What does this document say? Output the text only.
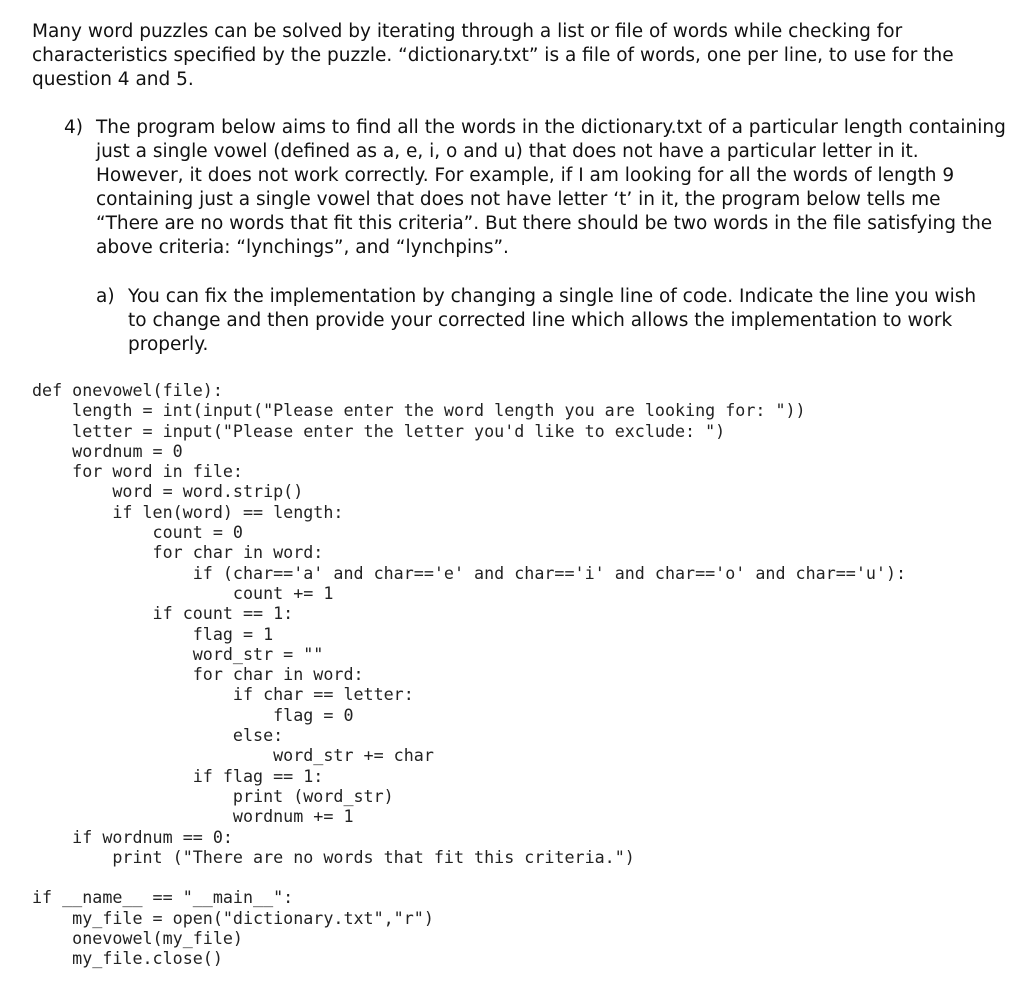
Many word puzzles can be solved by iterating through a list or file of words while checking for characteristics specified by the puzzle. “dictionary.txt” is a file of words, one per line, to use for the question 4 and 5.

4) The program below aims to find all the words in the dictionary.txt of a particular length containing just a single vowel (defined as a, e, i, o and u) that does not have a particular letter in it. However, it does not work correctly. For example, if I am looking for all the words of length 9 containing just a single vowel that does not have letter ‘t’ in it, the program below tells me “There are no words that fit this criteria”. But there should be two words in the file satisfying the above criteria: “lynchings”, and “lynchpins”.

a) You can fix the implementation by changing a single line of code. Indicate the line you wish to change and then provide your corrected line which allows the implementation to work properly.

def onevowel(file):
length = int(input("Please enter the word length you are looking for: "))
letter = input("Please enter the letter you'd like to exclude: ")
wordnum = 0
for word in file:
word = word.strip()
if len(word) == length:
count = 0
for char in word:
if (char=='a' and char=='e' and char=='i' and char=='o' and char=='u'):
count += 1
if count == 1:
flag = 1
word_str = ""
for char in word:
if char == letter:
flag = 0
else:
word_str += char
if flag == 1:
print (word_str)
wordnum += 1
if wordnum == 0:
print ("There are no words that fit this criteria.")
if __name__ == "__main__":
my_file = open("dictionary.txt","r")
onevowel(my_file)
my_file.close()
